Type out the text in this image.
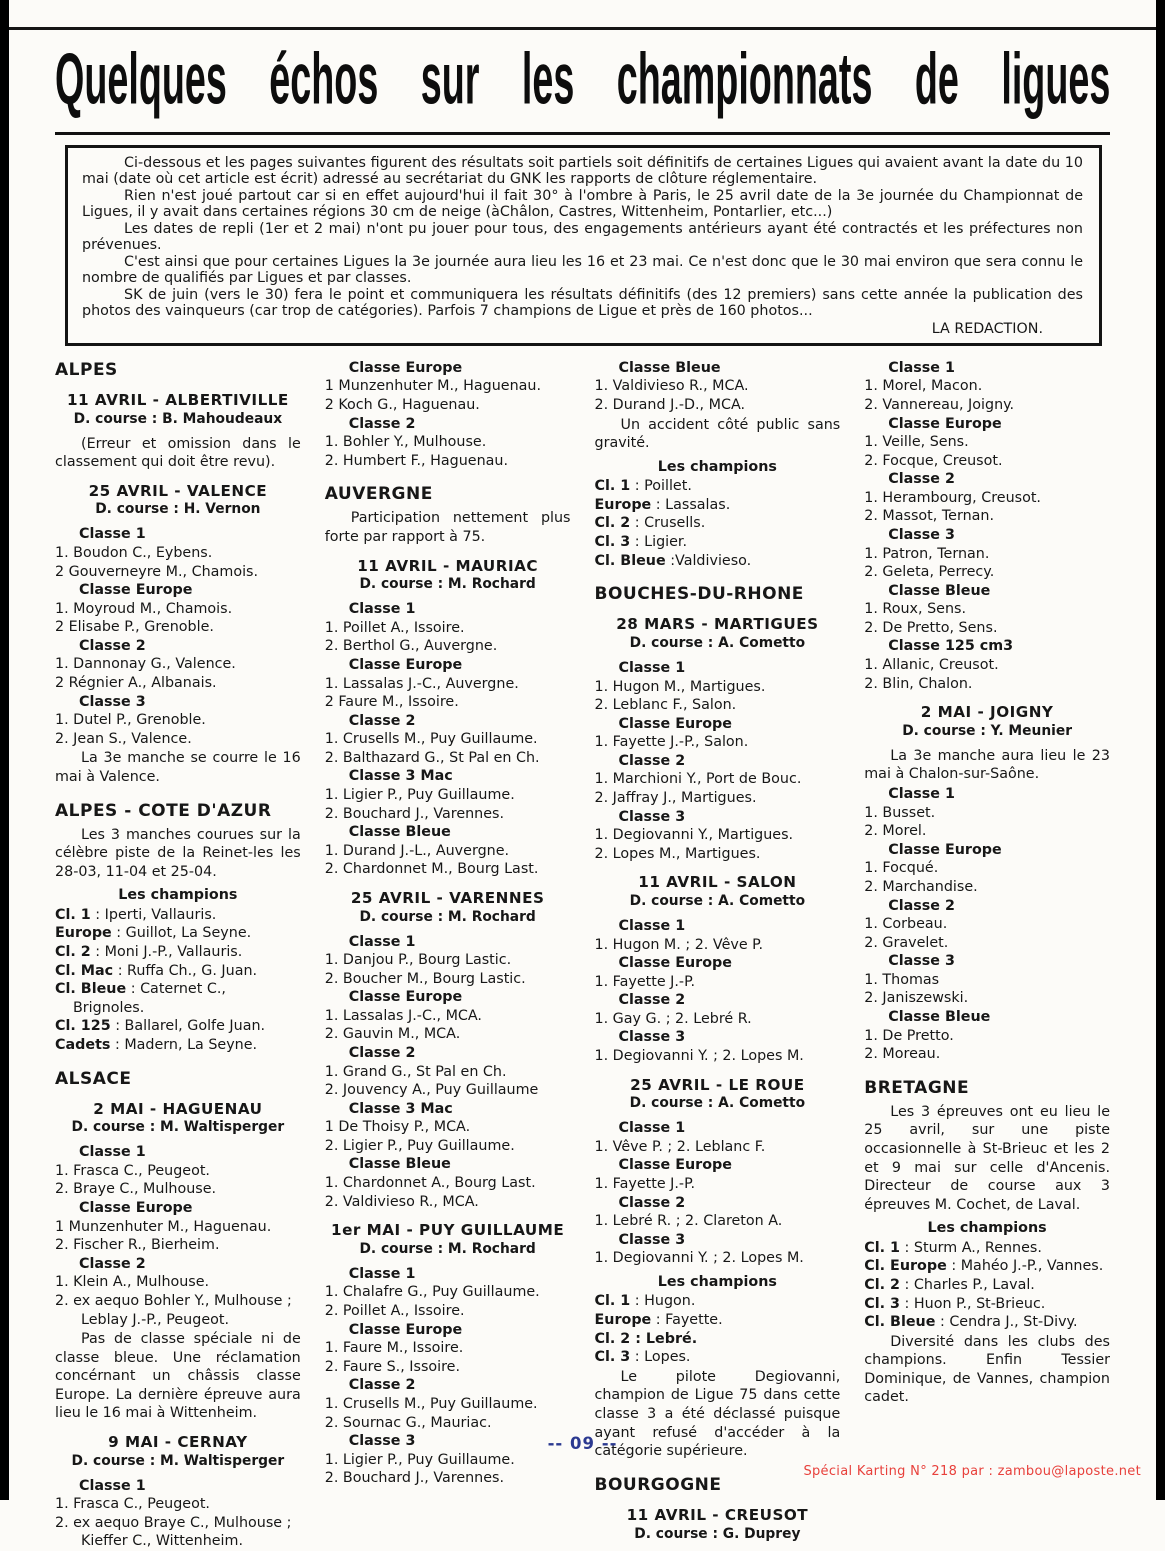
Quelques échos sur les championnats de ligues
Ci-dessous et les pages suivantes figurent des résultats soit partiels soit définitifs de certaines Ligues qui avaient avant la date du 10 mai (date où cet article est écrit) adressé au secrétariat du GNK les rapports de clôture réglementaire.
Rien n'est joué partout car si en effet aujourd'hui il fait 30° à l'ombre à Paris, le 25 avril date de la 3e journée du Championnat de Ligues, il y avait dans certaines régions 30 cm de neige (àChâlon, Castres, Wittenheim, Pontarlier, etc...)
Les dates de repli (1er et 2 mai) n'ont pu jouer pour tous, des engagements antérieurs ayant été contractés et les préfectures non prévenues.
C'est ainsi que pour certaines Ligues la 3e journée aura lieu les 16 et 23 mai. Ce n'est donc que le 30 mai environ que sera connu le nombre de qualifiés par Ligues et par classes.
SK de juin (vers le 30) fera le point et communiquera les résultats définitifs (des 12 premiers) sans cette année la publication des photos des vainqueurs (car trop de catégories). Parfois 7 champions de Ligue et près de 160 photos...
LA REDACTION.
ALPES
11 AVRIL - ALBERTIVILLE
D. course : B. Mahoudeaux
(Erreur et omission dans le classement qui doit être revu).
25 AVRIL - VALENCE
D. course : H. Vernon
Classe 1
1. Boudon C., Eybens.
2 Gouverneyre M., Chamois.
Classe Europe
1. Moyroud M., Chamois.
2 Elisabe P., Grenoble.
Classe 2
1. Dannonay G., Valence.
2 Régnier A., Albanais.
Classe 3
1. Dutel P., Grenoble.
2. Jean S., Valence.
La 3e manche se courre le 16 mai à Valence.
ALPES - COTE D'AZUR
Les 3 manches courues sur la célèbre piste de la Reinet-les les 28-03, 11-04 et 25-04.
Les champions
Cl. 1 : Iperti, Vallauris.
Europe : Guillot, La Seyne.
Cl. 2 : Moni J.-P., Vallauris.
Cl. Mac : Ruffa Ch., G. Juan.
Cl. Bleue : Caternet C., Brignoles.
Cl. 125 : Ballarel, Golfe Juan.
Cadets : Madern, La Seyne.
ALSACE
2 MAI - HAGUENAU
D. course : M. Waltisperger
Classe 1
1. Frasca C., Peugeot.
2. Braye C., Mulhouse.
Classe Europe
1 Munzenhuter M., Haguenau.
2. Fischer R., Bierheim.
Classe 2
1. Klein A., Mulhouse.
2. ex aequo Bohler Y., Mulhouse ; Leblay J.-P., Peugeot.
Pas de classe spéciale ni de classe bleue. Une réclamation concérnant un châssis classe Europe. La dernière épreuve aura lieu le 16 mai à Wittenheim.
9 MAI - CERNAY
D. course : M. Waltisperger
Classe 1
1. Frasca C., Peugeot.
2. ex aequo Braye C., Mulhouse ; Kieffer C., Wittenheim.
Classe Europe
1 Munzenhuter M., Haguenau.
2 Koch G., Haguenau.
Classe 2
1. Bohler Y., Mulhouse.
2. Humbert F., Haguenau.
AUVERGNE
Participation nettement plus forte par rapport à 75.
11 AVRIL - MAURIAC
D. course : M. Rochard
Classe 1
1. Poillet A., Issoire.
2. Berthol G., Auvergne.
Classe Europe
1. Lassalas J.-C., Auvergne.
2 Faure M., Issoire.
Classe 2
1. Crusells M., Puy Guillaume.
2. Balthazard G., St Pal en Ch.
Classe 3 Mac
1. Ligier P., Puy Guillaume.
2. Bouchard J., Varennes.
Classe Bleue
1. Durand J.-L., Auvergne.
2. Chardonnet M., Bourg Last.
25 AVRIL - VARENNES
D. course : M. Rochard
Classe 1
1. Danjou P., Bourg Lastic.
2. Boucher M., Bourg Lastic.
Classe Europe
1. Lassalas J.-C., MCA.
2. Gauvin M., MCA.
Classe 2
1. Grand G., St Pal en Ch.
2. Jouvency A., Puy Guillaume
Classe 3 Mac
1 De Thoisy P., MCA.
2. Ligier P., Puy Guillaume.
Classe Bleue
1. Chardonnet A., Bourg Last.
2. Valdivieso R., MCA.
1er MAI - PUY GUILLAUME
D. course : M. Rochard
Classe 1
1. Chalafre G., Puy Guillaume.
2. Poillet A., Issoire.
Classe Europe
1. Faure M., Issoire.
2. Faure S., Issoire.
Classe 2
1. Crusells M., Puy Guillaume.
2. Sournac G., Mauriac.
Classe 3
1. Ligier P., Puy Guillaume.
2. Bouchard J., Varennes.
Classe Bleue
1. Valdivieso R., MCA.
2. Durand J.-D., MCA.
Un accident côté public sans gravité.
Les champions
Cl. 1 : Poillet.
Europe : Lassalas.
Cl. 2 : Crusells.
Cl. 3 : Ligier.
Cl. Bleue :Valdivieso.
BOUCHES-DU-RHONE
28 MARS - MARTIGUES
D. course : A. Cometto
Classe 1
1. Hugon M., Martigues.
2. Leblanc F., Salon.
Classe Europe
1. Fayette J.-P., Salon.
Classe 2
1. Marchioni Y., Port de Bouc.
2. Jaffray J., Martigues.
Classe 3
1. Degiovanni Y., Martigues.
2. Lopes M., Martigues.
11 AVRIL - SALON
D. course : A. Cometto
Classe 1
1. Hugon M. ; 2. Vêve P.
Classe Europe
1. Fayette J.-P.
Classe 2
1. Gay G. ; 2. Lebré R.
Classe 3
1. Degiovanni Y. ; 2. Lopes M.
25 AVRIL - LE ROUE
D. course : A. Cometto
Classe 1
1. Vêve P. ; 2. Leblanc F.
Classe Europe
1. Fayette J.-P.
Classe 2
1. Lebré R. ; 2. Clareton A.
Classe 3
1. Degiovanni Y. ; 2. Lopes M.
Les champions
Cl. 1 : Hugon.
Europe : Fayette.
Cl. 2 : Lebré.
Cl. 3 : Lopes.
Le pilote Degiovanni, champion de Ligue 75 dans cette classe 3 a été déclassé puisque ayant refusé d'accéder à la catégorie supérieure.
BOURGOGNE
11 AVRIL - CREUSOT
D. course : G. Duprey
Classe 1
1. Morel, Macon.
2. Vannereau, Joigny.
Classe Europe
1. Veille, Sens.
2. Focque, Creusot.
Classe 2
1. Herambourg, Creusot.
2. Massot, Ternan.
Classe 3
1. Patron, Ternan.
2. Geleta, Perrecy.
Classe Bleue
1. Roux, Sens.
2. De Pretto, Sens.
Classe 125 cm3
1. Allanic, Creusot.
2. Blin, Chalon.
2 MAI - JOIGNY
D. course : Y. Meunier
La 3e manche aura lieu le 23 mai à Chalon-sur-Saône.
Classe 1
1. Busset.
2. Morel.
Classe Europe
1. Focqué.
2. Marchandise.
Classe 2
1. Corbeau.
2. Gravelet.
Classe 3
1. Thomas
2. Janiszewski.
Classe Bleue
1. De Pretto.
2. Moreau.
BRETAGNE
Les 3 épreuves ont eu lieu le 25 avril, sur une piste occasionnelle à St-Brieuc et les 2 et 9 mai sur celle d'Ancenis. Directeur de course aux 3 épreuves M. Cochet, de Laval.
Les champions
Cl. 1 : Sturm A., Rennes.
Cl. Europe : Mahéo J.-P., Vannes.
Cl. 2 : Charles P., Laval.
Cl. 3 : Huon P., St-Brieuc.
Cl. Bleue : Cendra J., St-Divy.
Diversité dans les clubs des champions. Enfin Tessier Dominique, de Vannes, champion cadet.
-- 09 --
Spécial Karting N° 218 par : zambou@laposte.net
